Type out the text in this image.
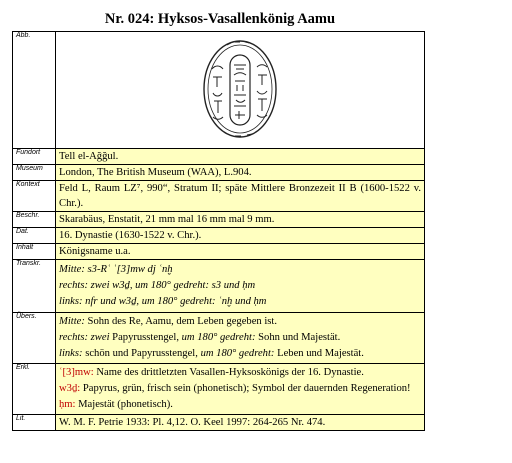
Nr. 024: Hyksos-Vasallenkönig Aamu
Abb.	
Fundort	Tell el-Ağğul.
Museum	London, The British Museum (WAA), L.904.
Kontext	Feld L, Raum LZ⁷, 990“, Stratum II; späte Mittlere Bronzezeit II B (1600-1522 v. Chr.).
Beschr.	Skarabäus, Enstatit, 21 mm mal 16 mm mal 9 mm.
Dat.	16. Dynastie (1630-1522 v. Chr.).
Inhalt	Königsname u.a.
Transkr.	Mitte: s3-Rʿ ʿ[3]mw dj ʿnḫ

rechts: zwei w3ḏ, um 180° gedreht: s3 und ḥm

links: nfr und w3ḏ, um 180° gedreht: ʿnḫ und ḥm

Übers.	Mitte: Sohn des Re, Aamu, dem Leben gegeben ist.

rechts: zwei Papyrusstengel, um 180° gedreht: Sohn und Majestät.

links: schön und Papyrusstengel, um 180° gedreht: Leben und Majestät.

Erkl.	ʿ[3]mw: Name des drittletzten Vasallen-Hyksoskönigs der 16. Dynastie.

w3ḏ: Papyrus, grün, frisch sein (phonetisch); Symbol der dauernden Regeneration!

ḥm: Majestät (phonetisch).

Lit.	W. M. F. Petrie 1933: Pl. 4,12. O. Keel 1997: 264-265 Nr. 474.
